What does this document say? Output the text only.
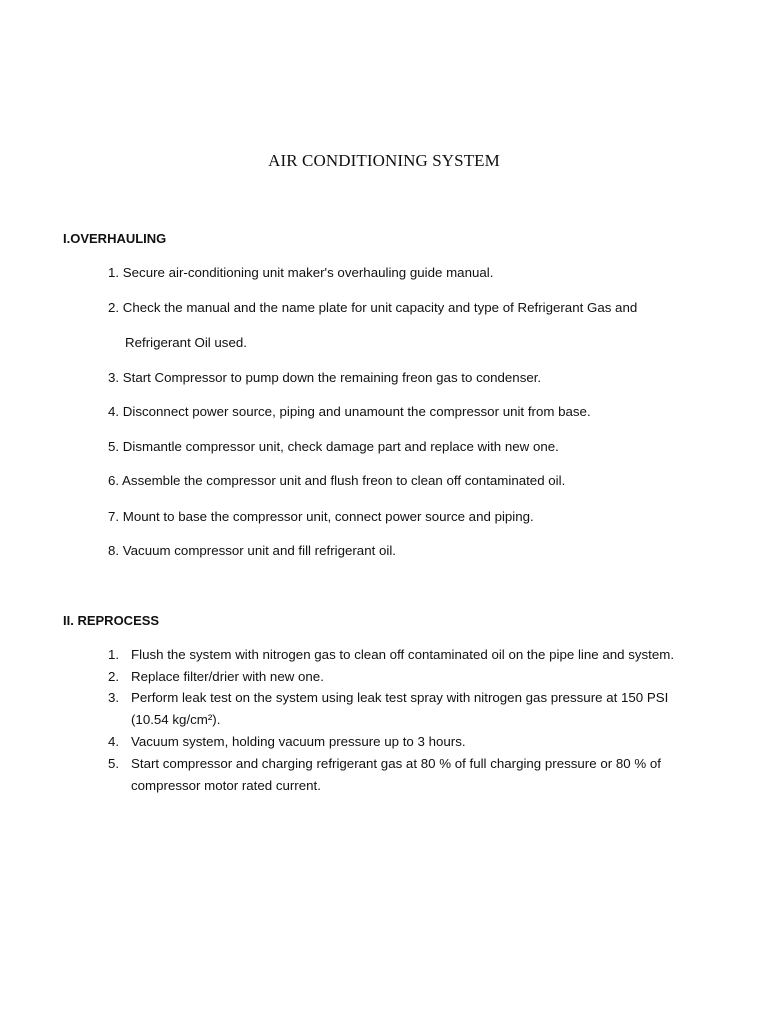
AIR CONDITIONING SYSTEM
I.OVERHAULING

1. Secure air-conditioning unit maker's overhauling guide manual.

2. Check the manual and the name plate for unit capacity and type of Refrigerant Gas and

Refrigerant Oil used.

3. Start Compressor to pump down the remaining freon gas to condenser.

4. Disconnect power source, piping and unamount the compressor unit from base.

5. Dismantle compressor unit, check damage part and replace with new one.

6. Assemble the compressor unit and flush freon to clean off contaminated oil.

7. Mount to base the compressor unit, connect power source and piping.

8. Vacuum compressor unit and fill refrigerant oil.

II. REPROCESS

1. Flush the system with nitrogen gas to clean off contaminated oil on the pipe line and system.

2. Replace filter/drier with new one.

3. Perform leak test on the system using leak test spray with nitrogen gas pressure at 150 PSI

(10.54 kg/cm²).

4. Vacuum system, holding vacuum pressure up to 3 hours.

5. Start compressor and charging refrigerant gas at 80 % of full charging pressure or 80 % of

compressor motor rated current.
